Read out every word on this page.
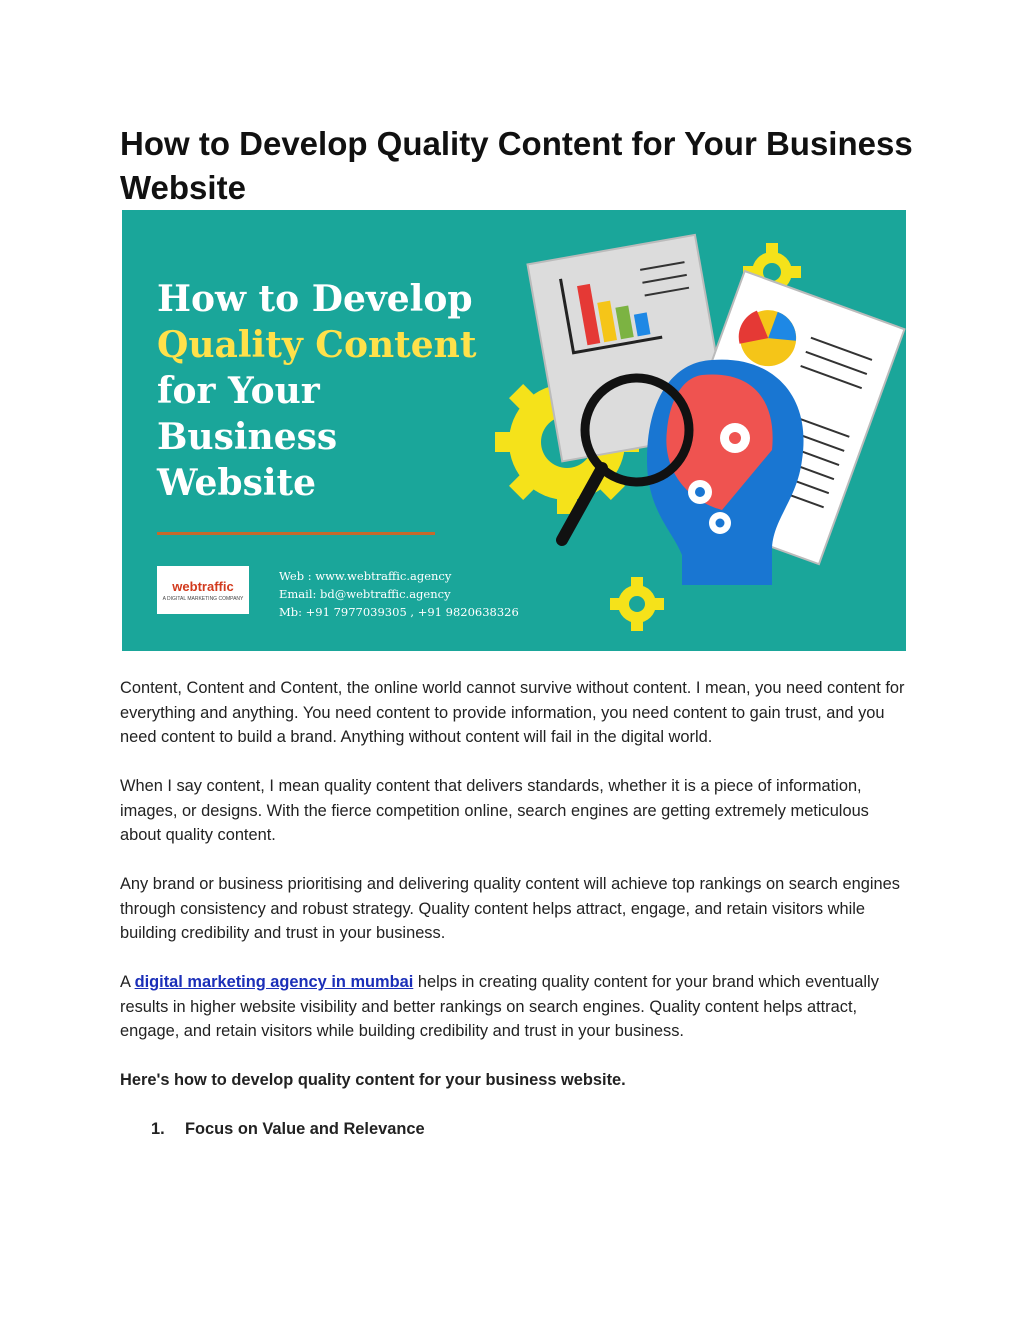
How to Develop Quality Content for Your Business Website
How to Develop
Quality Content
for Your
Business
Website
webtraffic
A DIGITAL MARKETING COMPANY
Web : www.webtraffic.agency
Email: bd@webtraffic.agency
Mb: +91 7977039305 , +91 9820638326

Content, Content and Content, the online world cannot survive without content. I mean, you need content for everything and anything. You need content to provide information, you need content to gain trust, and you need content to build a brand. Anything without content will fail in the digital world.

When I say content, I mean quality content that delivers standards, whether it is a piece of information, images, or designs. With the fierce competition online, search engines are getting extremely meticulous about quality content.

Any brand or business prioritising and delivering quality content will achieve top rankings on search engines through consistency and robust strategy. Quality content helps attract, engage, and retain visitors while building credibility and trust in your business.

A digital marketing agency in mumbai helps in creating quality content for your brand which eventually results in higher website visibility and better rankings on search engines. Quality content helps attract, engage, and retain visitors while building credibility and trust in your business.

Here's how to develop quality content for your business website.

1.	Focus on Value and Relevance
